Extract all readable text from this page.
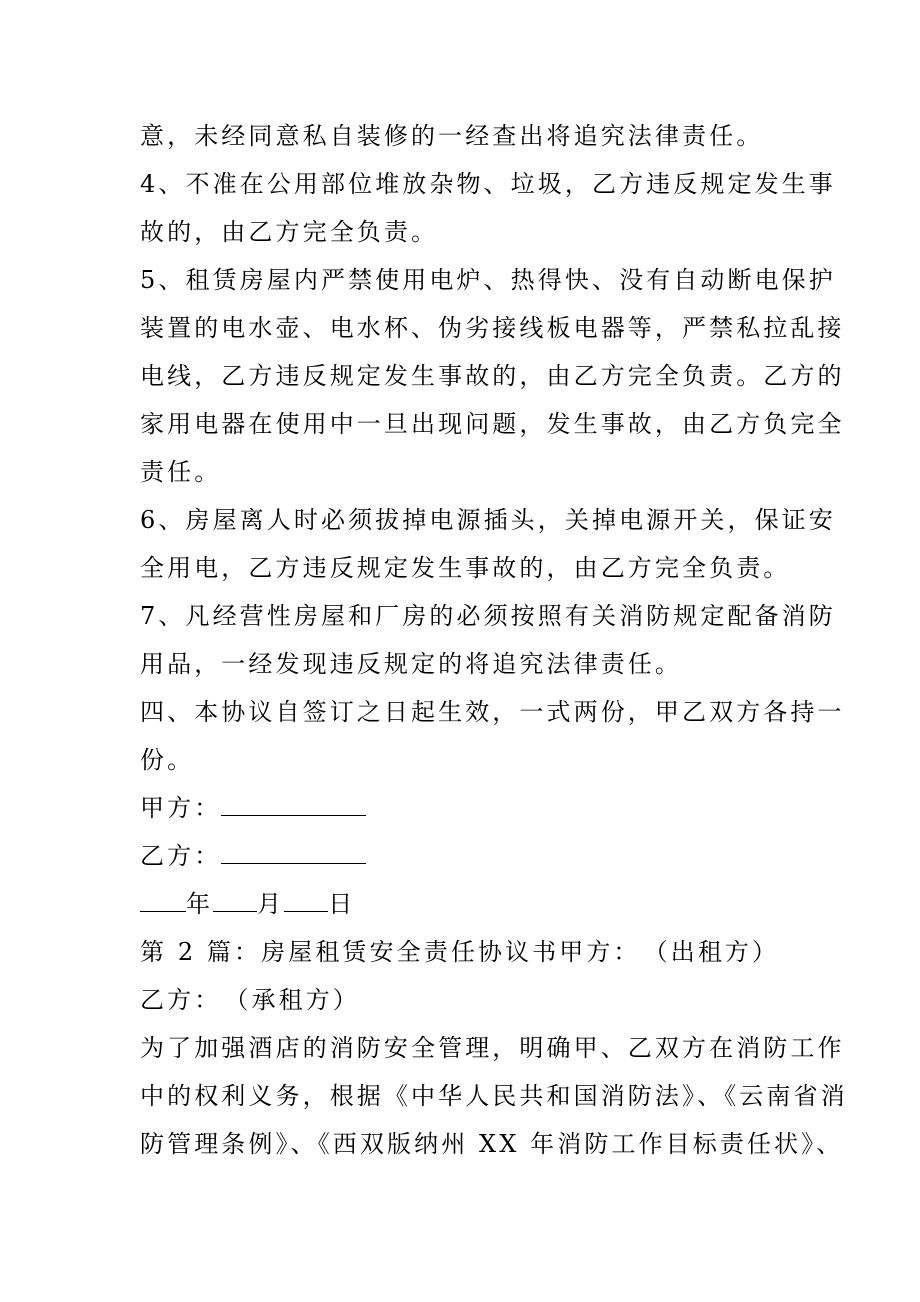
意，未经同意私自装修的一经查出将追究法律责任。
4、不准在公用部位堆放杂物、垃圾，乙方违反规定发生事
故的，由乙方完全负责。
5、租赁房屋内严禁使用电炉、热得快、没有自动断电保护
装置的电水壶、电水杯、伪劣接线板电器等，严禁私拉乱接
电线，乙方违反规定发生事故的，由乙方完全负责。乙方的
家用电器在使用中一旦出现问题，发生事故，由乙方负完全
责任。
6、房屋离人时必须拔掉电源插头，关掉电源开关，保证安
全用电，乙方违反规定发生事故的，由乙方完全负责。
7、凡经营性房屋和厂房的必须按照有关消防规定配备消防
用品，一经发现违反规定的将追究法律责任。
四、本协议自签订之日起生效，一式两份，甲乙双方各持一
份。
甲方：
乙方：
年 月 日
第 2 篇：房屋租赁安全责任协议书甲方：　（出租方）
乙方：　（承租方）
为了加强酒店的消防安全管理，明确甲、乙双方在消防工作
中的权利义务，根据《中华人民共和国消防法》、《云南省消
防管理条例》、《西双版纳州 XX 年消防工作目标责任状》、
